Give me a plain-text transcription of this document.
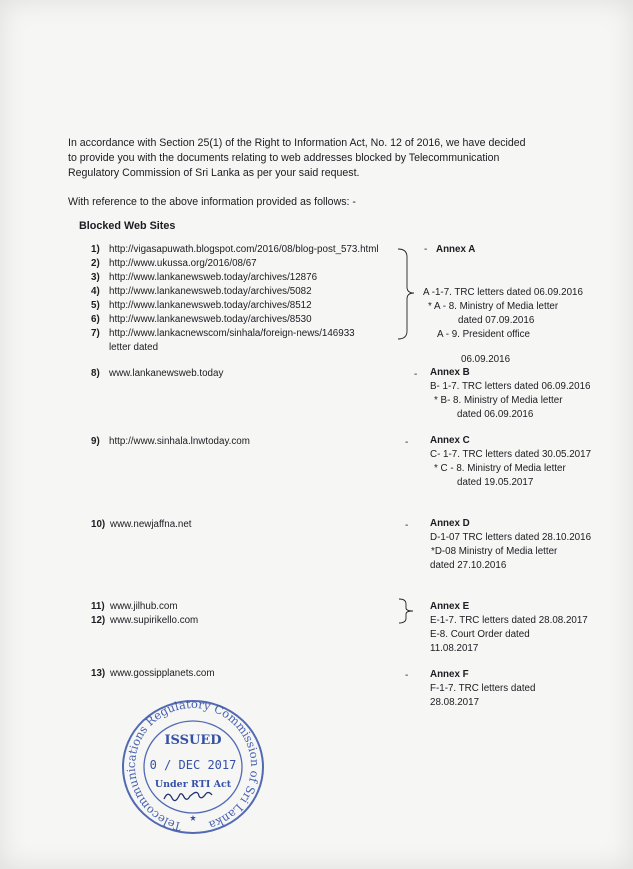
In accordance with Section 25(1) of the Right to Information Act, No. 12 of 2016, we have decided
to provide you with the documents relating to web addresses blocked by Telecommunication
Regulatory Commission of Sri Lanka as per your said request.
With reference to the above information provided as follows: -
Blocked Web Sites
1) http://vigasapuwath.blogspot.com/2016/08/blog-post_573.html
2) http://www.ukussa.org/2016/08/67
3) http://www.lankanewsweb.today/archives/12876
4) http://www.lankanewsweb.today/archives/5082
5) http://www.lankanewsweb.today/archives/8512
6) http://www.lankanewsweb.today/archives/8530
7) http://www.lankacnewscom/sinhala/foreign-news/146933
letter dated
8) www.lankanewsweb.today
9) http://www.sinhala.lnwtoday.com
10) www.newjaffna.net
11) www.jilhub.com
12) www.supirikello.com
13) www.gossipplanets.com
- Annex A
A -1-7. TRC letters dated 06.09.2016
* A - 8. Ministry of Media letter
dated 07.09.2016
A - 9. President office
06.09.2016
- Annex B
B- 1-7. TRC letters dated 06.09.2016
* B- 8. Ministry of Media letter
dated 06.09.2016
- Annex C
C- 1-7. TRC letters dated 30.05.2017
* C - 8. Ministry of Media letter
dated 19.05.2017
- Annex D
D-1-07 TRC letters dated 28.10.2016
*D-08 Ministry of Media letter
dated 27.10.2016
Annex E
E-1-7. TRC letters dated 28.08.2017
E-8. Court Order dated
11.08.2017
- Annex F
F-1-7. TRC letters dated
28.08.2017
Telecommunications Regulatory Commission of Sri Lanka
ISSUED
0 / DEC 2017
Under RTI Act
